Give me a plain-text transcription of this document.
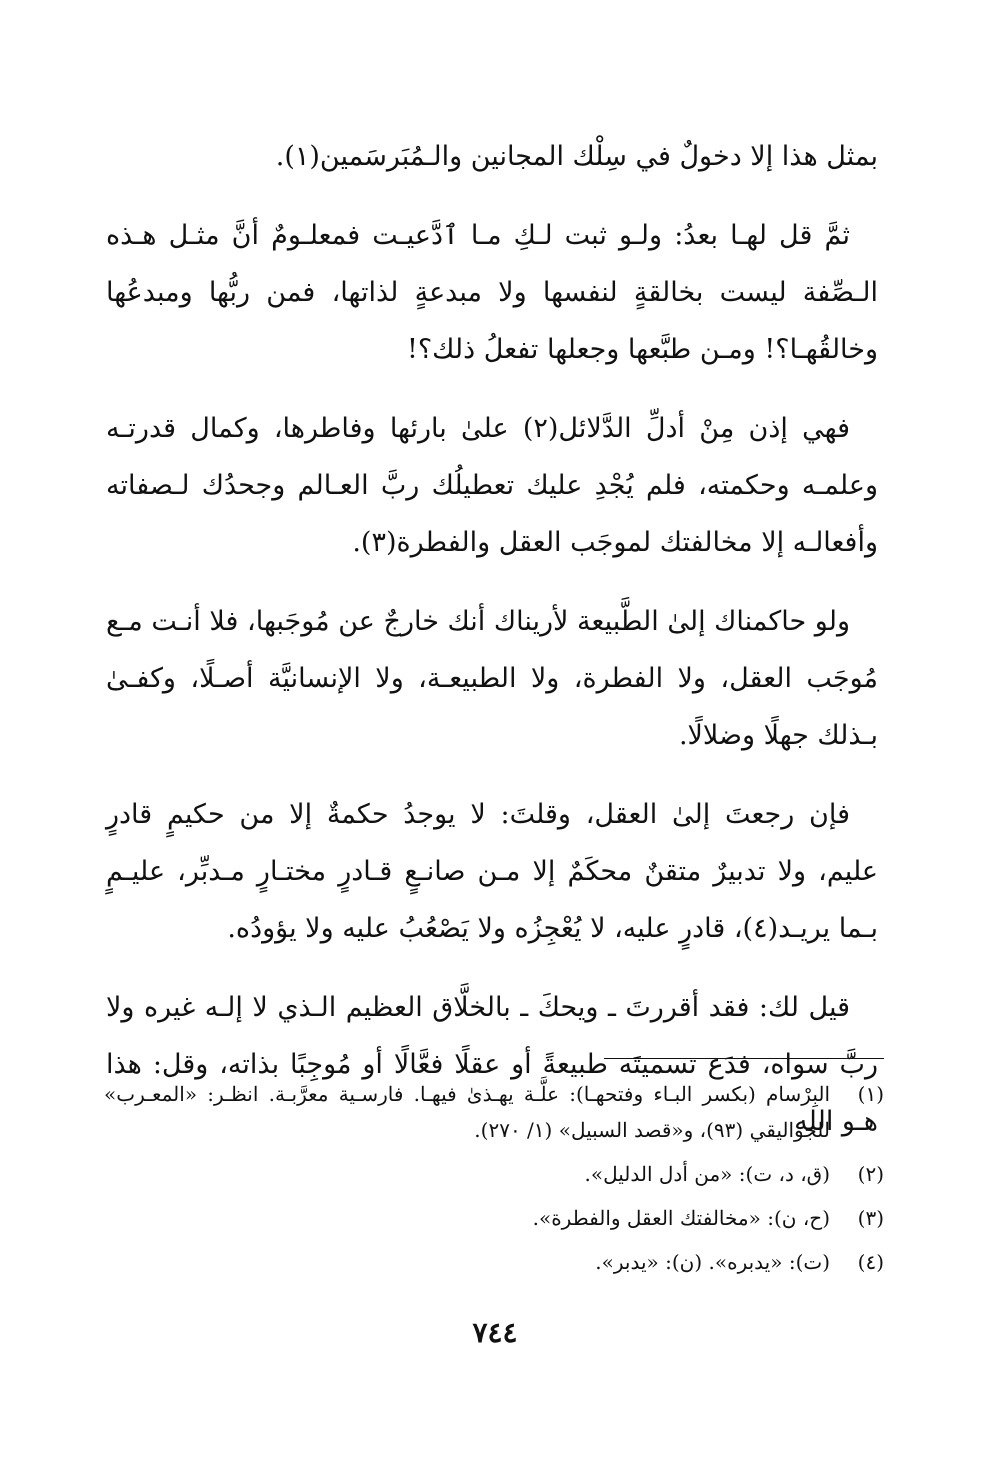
بمثل هذا إلا دخولٌ في سِلْك المجانين والـمُبَرسَمين(١).

ثمَّ قل لهـا بعدُ: ولـو ثبت لـكِ مـا ٱدَّعيـت فمعلـومٌ أنَّ مثـل هـذه الـصِّفة ليست بخالقةٍ لنفسها ولا مبدعةٍ لذاتها، فمن ربُّها ومبدعُها وخالقُهـا؟! ومـن طبَّعها وجعلها تفعلُ ذلك؟!

فهي إذن مِنْ أدلِّ الدَّلائل(٢) علىٰ بارئها وفاطرها، وكمال قدرتـه وعلمـه وحكمته، فلم يُجْدِ عليك تعطيلُك ربَّ العـالم وجحدُك لـصفاته وأفعالـه إلا مخالفتك لموجَب العقل والفطرة(٣).

ولو حاكمناك إلىٰ الطَّبيعة لأريناك أنك خارجٌ عن مُوجَبها، فلا أنـت مـع مُوجَب العقل، ولا الفطرة، ولا الطبيعـة، ولا الإنسانيَّة أصـلًا، وكفـىٰ بـذلك جهلًا وضلالًا.

فإن رجعتَ إلىٰ العقل، وقلتَ: لا يوجدُ حكمةٌ إلا من حكيمٍ قادرٍ عليم، ولا تدبيرٌ متقنٌ محكَمٌ إلا مـن صانـعٍ قـادرٍ مختـارٍ مـدبِّر، عليـمٍ بـما يريـد(٤)، قادرٍ عليه، لا يُعْجِزُه ولا يَصْعُبُ عليه ولا يؤودُه.

قيل لك: فقد أقررتَ ـ ويحكَ ـ بالخلَّاق العظيم الـذي لا إلـه غيره ولا ربَّ سواه، فدَع تسميتَه طبيعةً أو عقلًا فعَّالًا أو مُوجِبًا بذاته، وقل: هذا هـو الله

(١)
البِرْسام (بكسر البـاء وفتحهـا): علَّـة يهـذىٰ فيهـا. فارسـية معرَّبـة. انظـر: «المعـرب» للجواليقي (٩٣)، و«قصد السبيل» (١/ ٢٧٠).
(٢)
(ق، د، ت): «من أدل الدليل».
(٣)
(ح، ن): «مخالفتك العقل والفطرة».
(٤)
(ت): «يدبره». (ن): «يدبر».
٧٤٤
